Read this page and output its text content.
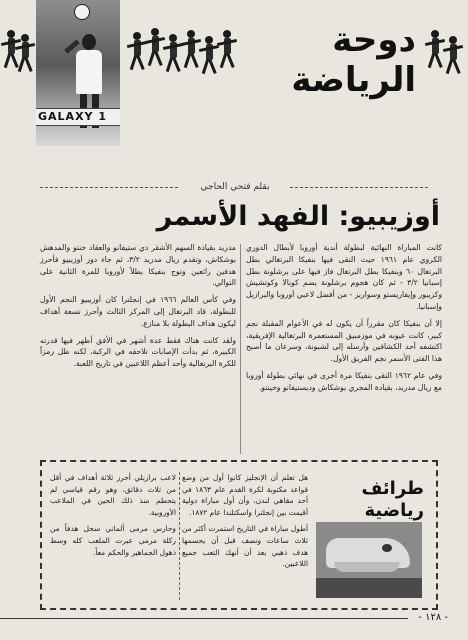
GALAXY 1
دوحة
الرياضة
بقلم فتحي الحاجي
أوزيبيو: الفهد الأسمر

كانت المباراة النهائية لبطولة أندية أوروبا لأبطال الدوري الكروي عام ١٩٦١ حيث التقى فيها بنفيكا البرتغالي بطل البرتغال ٦٠ وبنفيكا بطل البرتغال فاز فيها على برشلونة بطل إسبانيا ٣/٢ - ثم كان هجوم برشلونة يضم كوبالا وكوتشيش وكزيبور وإيفاريستو وسواريز - من أفضل لاعبي أوروبا والبرازيل وإسبانيا.

إلا أن بنفيكا كان مقرراً أن يكون له في الأعوام المقبلة نجم كبير، كانت عيونه في موزمبيق المستعمرة البرتغالية الإفريقية، اكتشفه أحد الكشافين وأرسله إلى لشبونة، وسرعان ما أصبح هذا الفتى الأسمر نجم الفريق الأول.

وفي عام ١٩٦٢ التقى بنفيكا مرة أخرى في نهائي بطولة أوروبا مع ريال مدريد، بقيادة المجري بوشكاش وديستيفانو وخينتو.

مدريد بقيادة السهم الأشقر دي ستيفانو والعقاد خنتو والمدهش بوشكاش، وتقدم ريال مدريد ٣/٢، ثم جاء دور أوزيبيو فأحرز هدفين رائعين وتوج بنفيكا بطلاً لأوروبا للمرة الثانية على التوالي.

وفي كأس العالم ١٩٦٦ في إنجلترا كان أوزيبيو النجم الأول للبطولة، قاد البرتغال إلى المركز الثالث وأحرز تسعة أهداف ليكون هداف البطولة بلا منازع.

ولقد كانت هناك فقط عدة أشهر في الأفق أظهر فيها قدرته الكبيرة، ثم بدأت الإصابات تلاحقه في الركبة، لكنه ظل رمزاً للكرة البرتغالية وأحد أعظم اللاعبين في تاريخ اللعبة.

طرائف رياضية

هل تعلم أن الإنجليز كانوا أول من وضع قواعد مكتوبة لكرة القدم عام ١٨٦٣ في أحد مقاهي لندن، وأن أول مباراة دولية أقيمت بين إنجلترا واسكتلندا عام ١٨٧٢.

أطول مباراة في التاريخ استمرت أكثر من ثلاث ساعات ونصف قبل أن يحسمها هدف ذهبي بعد أن أنهك التعب جميع اللاعبين.

لاعب برازيلي أحرز ثلاثة أهداف في أقل من ثلاث دقائق، وهو رقم قياسي لم يتحطم منذ ذلك الحين في الملاعب الأوروبية.

وحارس مرمى ألماني سجل هدفاً من ركلة مرمى عبرت الملعب كله وسط ذهول الجماهير والحكم معاً.

- ١٢٨ -
